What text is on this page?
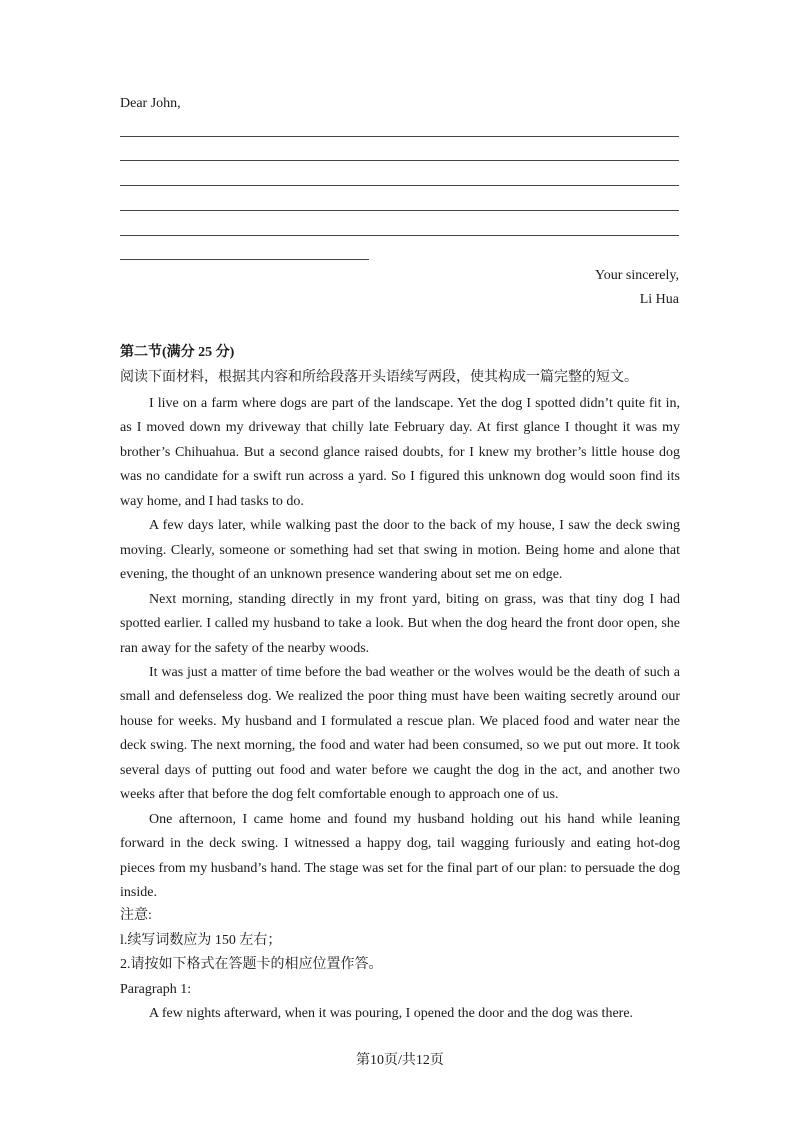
Dear John,
Your sincerely,
Li Hua
第二节(满分 25 分)
阅读下面材料，根据其内容和所给段落开头语续写两段，使其构成一篇完整的短文。

I live on a farm where dogs are part of the landscape. Yet the dog I spotted didn’t quite fit in, as I moved down my driveway that chilly late February day. At first glance I thought it was my brother’s Chihuahua. But a second glance raised doubts, for I knew my brother’s little house dog was no candidate for a swift run across a yard. So I figured this unknown dog would soon find its way home, and I had tasks to do.

A few days later, while walking past the door to the back of my house, I saw the deck swing moving. Clearly, someone or something had set that swing in motion. Being home and alone that evening, the thought of an unknown presence wandering about set me on edge.

Next morning, standing directly in my front yard, biting on grass, was that tiny dog I had spotted earlier. I called my husband to take a look. But when the dog heard the front door open, she ran away for the safety of the nearby woods.

It was just a matter of time before the bad weather or the wolves would be the death of such a small and defenseless dog. We realized the poor thing must have been waiting secretly around our house for weeks. My husband and I formulated a rescue plan. We placed food and water near the deck swing. The next morning, the food and water had been consumed, so we put out more. It took several days of putting out food and water before we caught the dog in the act, and another two weeks after that before the dog felt comfortable enough to approach one of us.

One afternoon, I came home and found my husband holding out his hand while leaning forward in the deck swing. I witnessed a happy dog, tail wagging furiously and eating hot-dog pieces from my husband’s hand. The stage was set for the final part of our plan: to persuade the dog inside.

注意:
l.续写词数应为 150 左右；
2.请按如下格式在答题卡的相应位置作答。
Paragraph 1:
A few nights afterward, when it was pouring, I opened the door and the dog was there.
第10页/共12页
